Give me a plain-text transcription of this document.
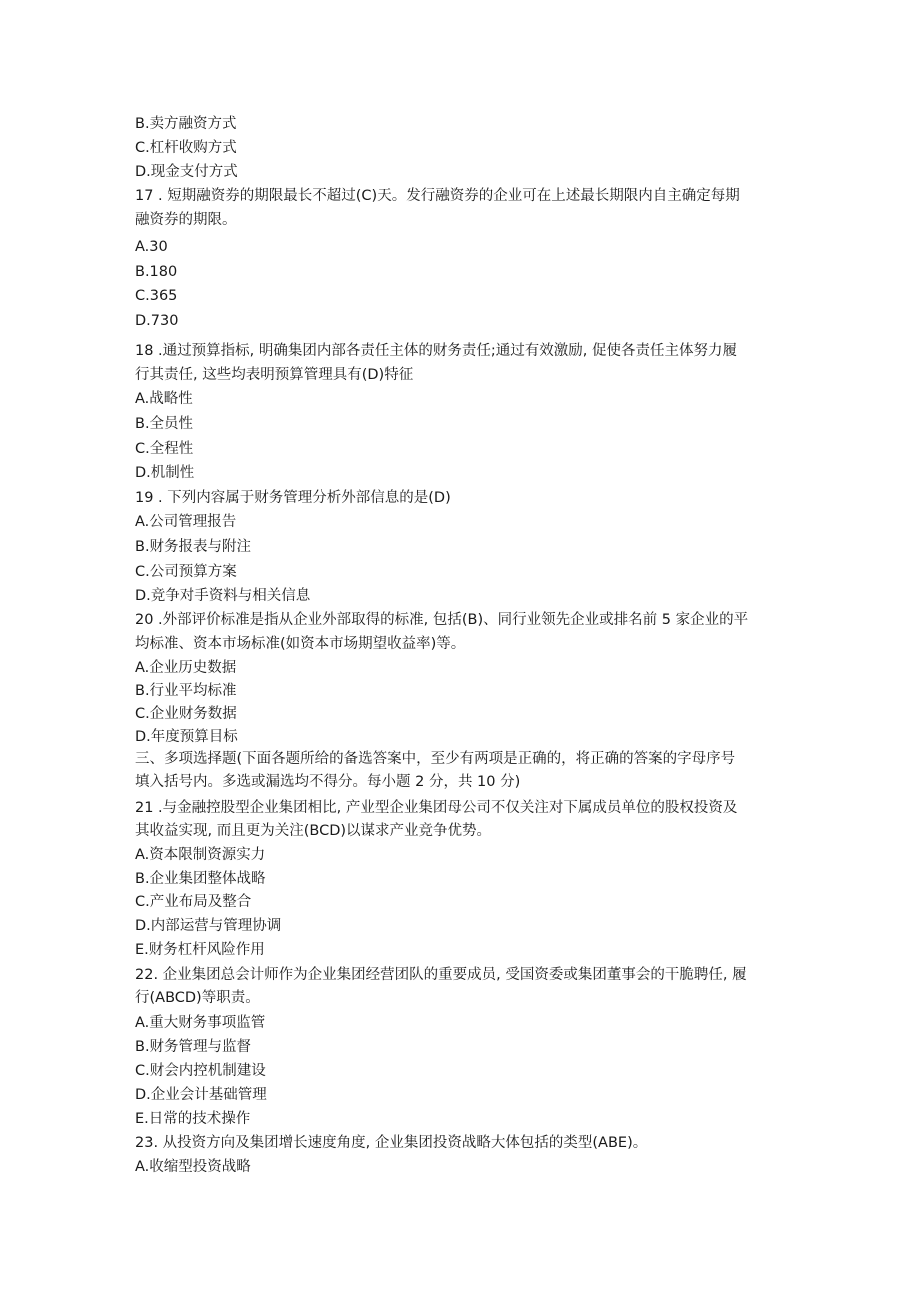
B.卖方融资方式
C.杠杆收购方式
D.现金支付方式
17 . 短期融资券的期限最长不超过(C)天。发行融资券的企业可在上述最长期限内自主确定每期
融资券的期限。
A.30
B.180
C.365
D.730
18 .通过预算指标, 明确集团内部各责任主体的财务责任;通过有效激励, 促使各责任主体努力履
行其责任, 这些均表明预算管理具有(D)特征
A.战略性
B.全员性
C.全程性
D.机制性
19 . 下列内容属于财务管理分析外部信息的是(D)
A.公司管理报告
B.财务报表与附注
C.公司预算方案
D.竞争对手资料与相关信息
20 .外部评价标准是指从企业外部取得的标准, 包括(B)、同行业领先企业或排名前 5 家企业的平
均标准、资本市场标准(如资本市场期望收益率)等。
A.企业历史数据
B.行业平均标准
C.企业财务数据
D.年度预算目标
三、多项选择题(下面各题所给的备选答案中，至少有两项是正确的，将正确的答案的字母序号
填入括号内。多选或漏选均不得分。每小题 2 分，共 10 分)
21 .与金融控股型企业集团相比, 产业型企业集团母公司不仅关注对下属成员单位的股权投资及
其收益实现, 而且更为关注(BCD)以谋求产业竞争优势。
A.资本限制资源实力
B.企业集团整体战略
C.产业布局及整合
D.内部运营与管理协调
E.财务杠杆风险作用
22. 企业集团总会计师作为企业集团经营团队的重要成员, 受国资委或集团董事会的干脆聘任, 履
行(ABCD)等职责。
A.重大财务事项监管
B.财务管理与监督
C.财会内控机制建设
D.企业会计基础管理
E.日常的技术操作
23. 从投资方向及集团增长速度角度, 企业集团投资战略大体包括的类型(ABE)。
A.收缩型投资战略
